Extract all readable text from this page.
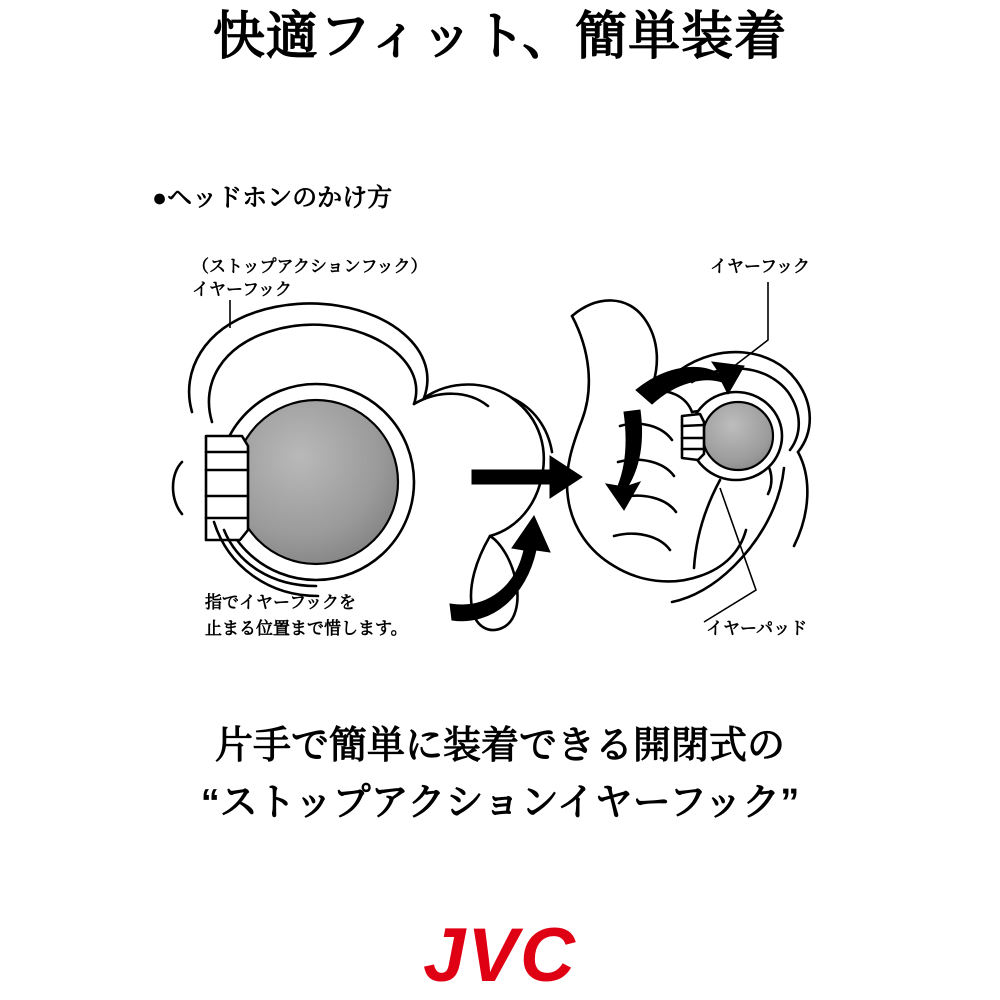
快適フィット、簡単装着
●ヘッドホンのかけ方
（ストップアクションフック）
イヤーフック
イヤーフック
イヤーパッド
指でイヤーフックを
止まる位置まで惜します。
片手で簡単に装着できる開閉式の
“ストップアクションイヤーフック”
JVC
